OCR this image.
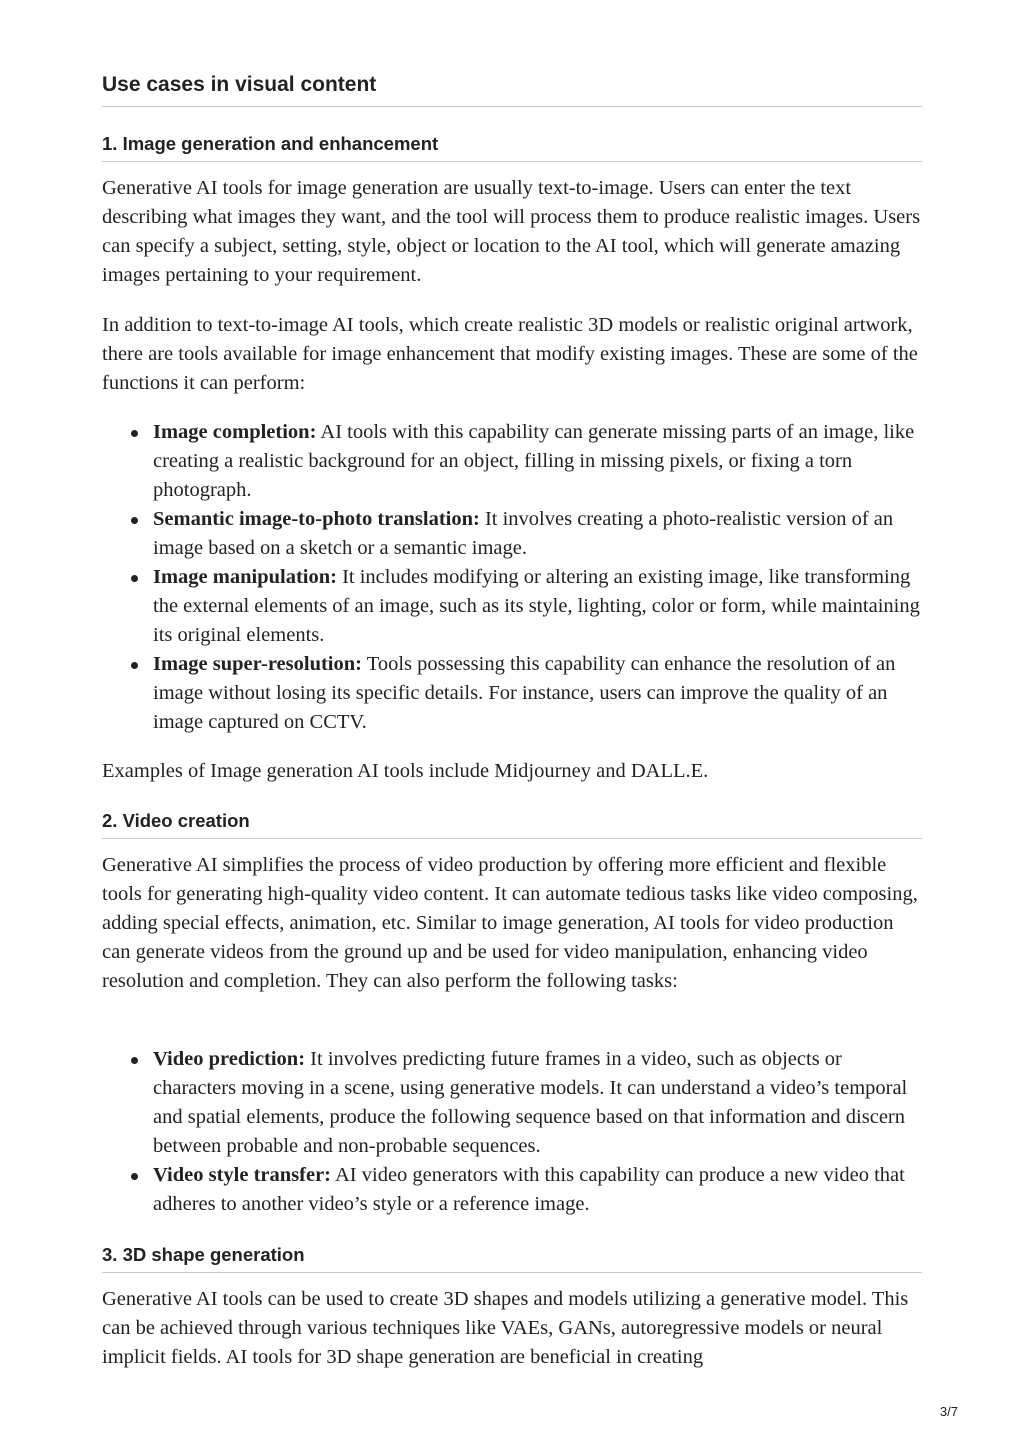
Use cases in visual content
1. Image generation and enhancement

Generative AI tools for image generation are usually text-to-image. Users can enter the text describing what images they want, and the tool will process them to produce realistic images. Users can specify a subject, setting, style, object or location to the AI tool, which will generate amazing images pertaining to your requirement.

In addition to text-to-image AI tools, which create realistic 3D models or realistic original artwork, there are tools available for image enhancement that modify existing images. These are some of the functions it can perform:

Image completion: AI tools with this capability can generate missing parts of an image, like creating a realistic background for an object, filling in missing pixels, or fixing a torn photograph.
Semantic image-to-photo translation: It involves creating a photo-realistic version of an image based on a sketch or a semantic image.
Image manipulation: It includes modifying or altering an existing image, like transforming the external elements of an image, such as its style, lighting, color or form, while maintaining its original elements.
Image super-resolution: Tools possessing this capability can enhance the resolution of an image without losing its specific details. For instance, users can improve the quality of an image captured on CCTV.

Examples of Image generation AI tools include Midjourney and DALL.E.

2. Video creation

Generative AI simplifies the process of video production by offering more efficient and flexible tools for generating high-quality video content. It can automate tedious tasks like video composing, adding special effects, animation, etc. Similar to image generation, AI tools for video production can generate videos from the ground up and be used for video manipulation, enhancing video resolution and completion. They can also perform the following tasks:

Video prediction: It involves predicting future frames in a video, such as objects or characters moving in a scene, using generative models. It can understand a video’s temporal and spatial elements, produce the following sequence based on that information and discern between probable and non-probable sequences.
Video style transfer: AI video generators with this capability can produce a new video that adheres to another video’s style or a reference image.
3. 3D shape generation

Generative AI tools can be used to create 3D shapes and models utilizing a generative model. This can be achieved through various techniques like VAEs, GANs, autoregressive models or neural implicit fields. AI tools for 3D shape generation are beneficial in creating

3/7
